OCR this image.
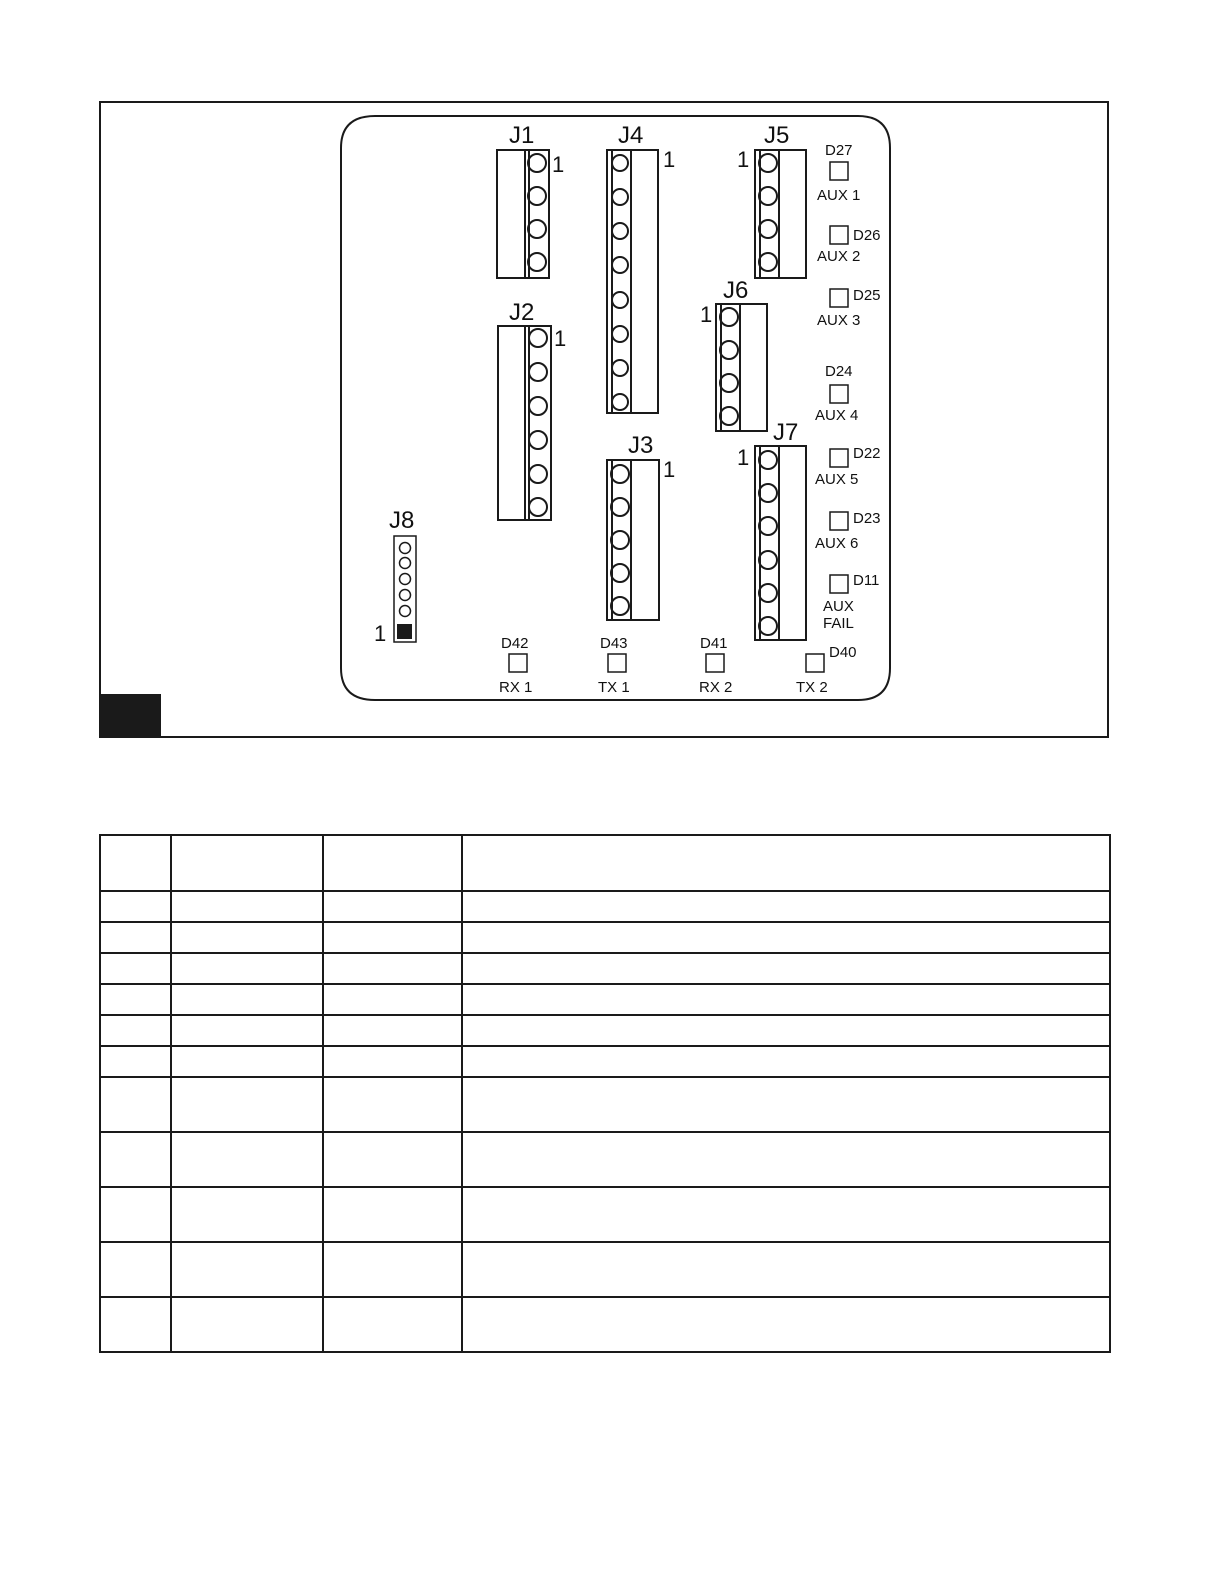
J1	J4	J5
J2
J6
J3	J7
J8
1	1	1
1
1
1	1
1
D27
D26
D25
D24
D22
D23
D11
D42	D43	D41
D40
AUX 1
AUX 2
AUX 3
AUX 4
AUX 5
AUX 6
AUX
FAIL
RX 1	TX 1	RX 2	TX 2
